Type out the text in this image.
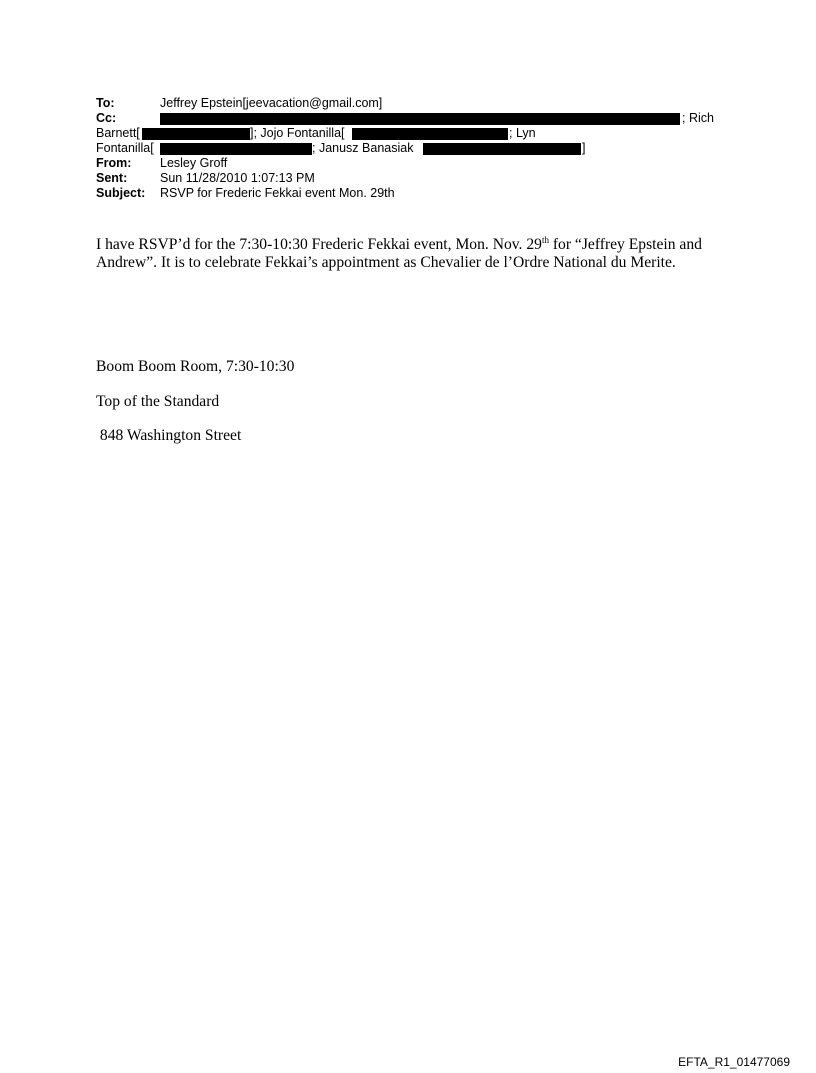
To:	Jeffrey Epstein[jeevacation@gmail.com]
Cc:	; Rich
Barnett[	]; Jojo Fontanilla[	; Lyn
Fontanilla[	; Janusz Banasiak	]
From: Lesley Groff
Sent:	Sun 11/28/2010 1:07:13 PM
Subject: RSVP for Frederic Fekkai event Mon. 29th
I have RSVP’d for the 7:30-10:30 Frederic Fekkai event, Mon. Nov. 29th for “Jeffrey Epstein and Andrew”. It is to celebrate Fekkai’s appointment as Chevalier de l’Ordre National du Merite.
Boom Boom Room, 7:30-10:30
Top of the Standard
848 Washington Street
EFTA_R1_01477069
